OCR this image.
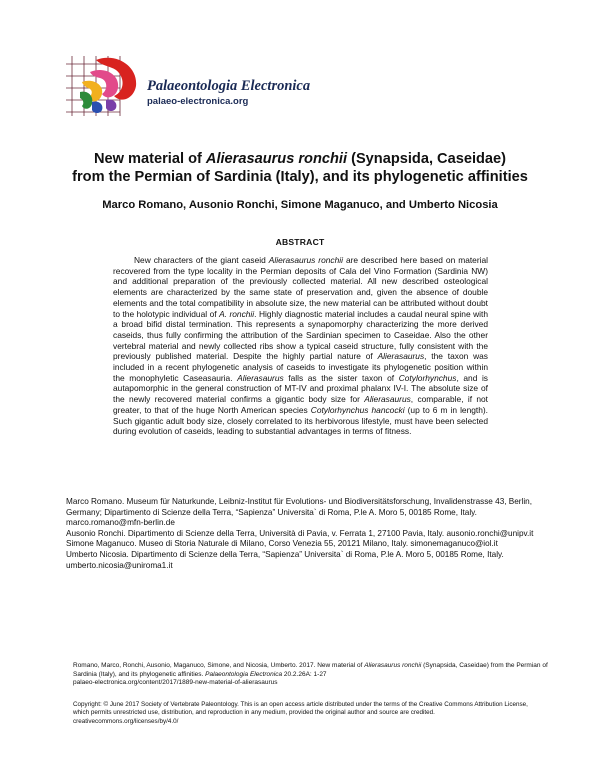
Palaeontologia Electronica
palaeo-electronica.org
New material of Alierasaurus ronchii (Synapsida, Caseidae)
from the Permian of Sardinia (Italy), and its phylogenetic affinities
Marco Romano, Ausonio Ronchi, Simone Maganuco, and Umberto Nicosia
ABSTRACT

New characters of the giant caseid Alierasaurus ronchii are described here based on material recovered from the type locality in the Permian deposits of Cala del Vino Formation (Sardinia NW) and additional preparation of the previously collected material. All new described osteological elements are characterized by the same state of preservation and, given the absence of double elements and the total compatibility in absolute size, the new material can be attributed without doubt to the holotypic individual of A. ronchii. Highly diagnostic material includes a caudal neural spine with a broad bifid distal termination. This represents a synapomorphy characterizing the more derived caseids, thus fully confirming the attribution of the Sardinian specimen to Caseidae. Also the other vertebral material and newly collected ribs show a typical caseid structure, fully consistent with the previously published material. Despite the highly partial nature of Alierasaurus, the taxon was included in a recent phylogenetic analysis of caseids to investigate its phylogenetic position within the monophyletic Caseasauria. Alierasaurus falls as the sister taxon of Cotylorhynchus, and is autapomorphic in the general construction of MT-IV and proximal phalanx IV-I. The absolute size of the newly recovered material confirms a gigantic body size for Alierasaurus, comparable, if not greater, to that of the huge North American species Cotylorhynchus hancocki (up to 6 m in length). Such gigantic adult body size, closely correlated to its herbivorous lifestyle, must have been selected during evolution of caseids, leading to substantial advantages in terms of fitness.

Marco Romano. Museum für Naturkunde, Leibniz-Institut für Evolutions- und Biodiversitätsforschung, Invalidenstrasse 43, Berlin, Germany; Dipartimento di Scienze della Terra, “Sapienza” Universita` di Roma, P.le A. Moro 5, 00185 Rome, Italy. marco.romano@mfn-berlin.de

Ausonio Ronchi. Dipartimento di Scienze della Terra, Università di Pavia, v. Ferrata 1, 27100 Pavia, Italy. ausonio.ronchi@unipv.it

Simone Maganuco. Museo di Storia Naturale di Milano, Corso Venezia 55, 20121 Milano, Italy. simonemaganuco@iol.it

Umberto Nicosia. Dipartimento di Scienze della Terra, “Sapienza” Universita` di Roma, P.le A. Moro 5, 00185 Rome, Italy. umberto.nicosia@uniroma1.it

Romano, Marco, Ronchi, Ausonio, Maganuco, Simone, and Nicosia, Umberto. 2017. New material of Alierasaurus ronchii (Synapsida, Caseidae) from the Permian of Sardinia (Italy), and its phylogenetic affinities. Palaeontologia Electronica 20.2.26A: 1-27

palaeo-electronica.org/content/2017/1889-new-material-of-alierasaurus

Copyright: © June 2017 Society of Vertebrate Paleontology. This is an open access article distributed under the terms of the Creative Commons Attribution License, which permits unrestricted use, distribution, and reproduction in any medium, provided the original author and source are credited.

creativecommons.org/licenses/by/4.0/
